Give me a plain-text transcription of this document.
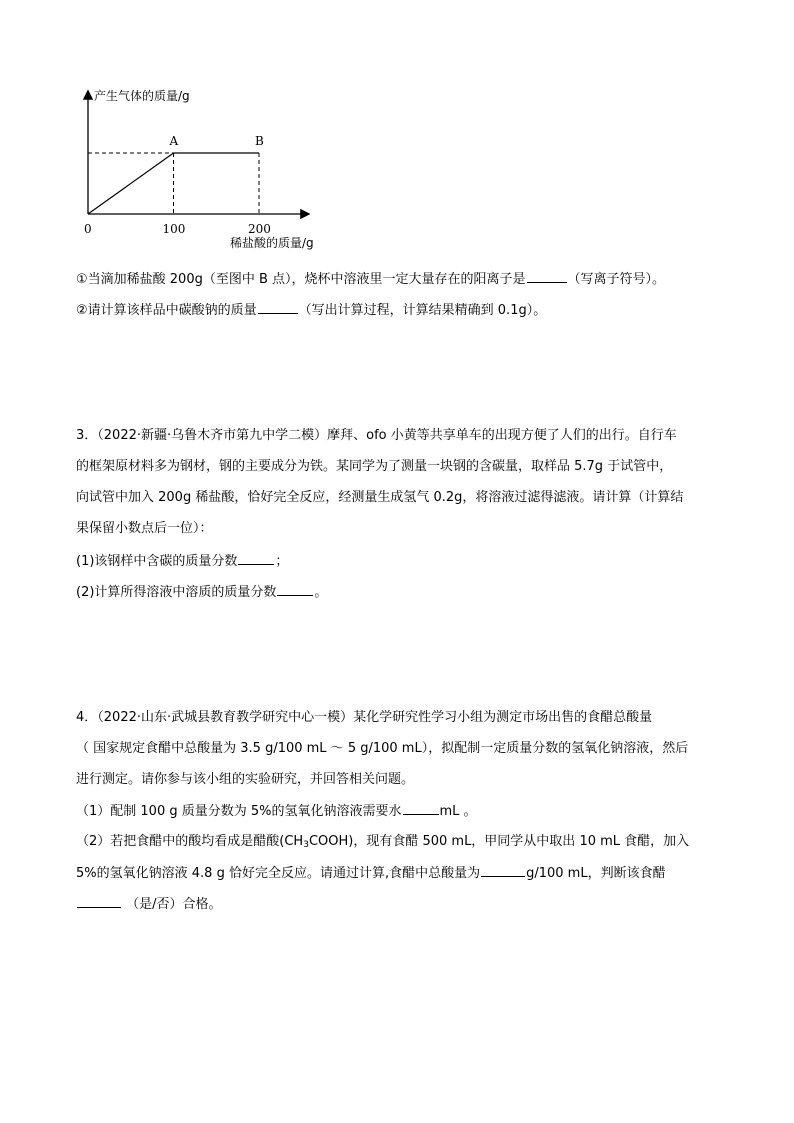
产生气体的质量/g
稀盐酸的质量/g
0
A	B
100	200
①当滴加稀盐酸 200g（至图中 B 点），烧杯中溶液里一定大量存在的阳离子是	（写离子符号）。
②请计算该样品中碳酸钠的质量	（写出计算过程，计算结果精确到 0.1g）。
3．（2022·新疆·乌鲁木齐市第九中学二模）摩拜、ofo 小黄等共享单车的出现方便了人们的出行。自行车
的框架原材料多为钢材，钢的主要成分为铁。某同学为了测量一块钢的含碳量，取样品 5.7g 于试管中，
向试管中加入 200g 稀盐酸，恰好完全反应，经测量生成氢气 0.2g，将溶液过滤得滤液。请计算（计算结
果保留小数点后一位）：
(1)该钢样中含碳的质量分数	；
(2)计算所得溶液中溶质的质量分数	。
4．（2022·山东·武城县教育教学研究中心一模）某化学研究性学习小组为测定市场出售的食醋总酸量
（ 国家规定食醋中总酸量为 3.5 g/100 mL ～ 5 g/100 mL），拟配制一定质量分数的氢氧化钠溶液，然后
进行测定。请你参与该小组的实验研究，并回答相关问题。
（1）配制 100 g 质量分数为 5%的氢氧化钠溶液需要水	mL 。
（2）若把食醋中的酸均看成是醋酸$(CH_3COOH)$，现有食醋 500 mL，甲同学从中取出 10 mL 食醋，加入
5%的氢氧化钠溶液 4.8 g 恰好完全反应。请通过计算,食醋中总酸量为	g/100 mL，判断该食醋
（是/否）合格。
